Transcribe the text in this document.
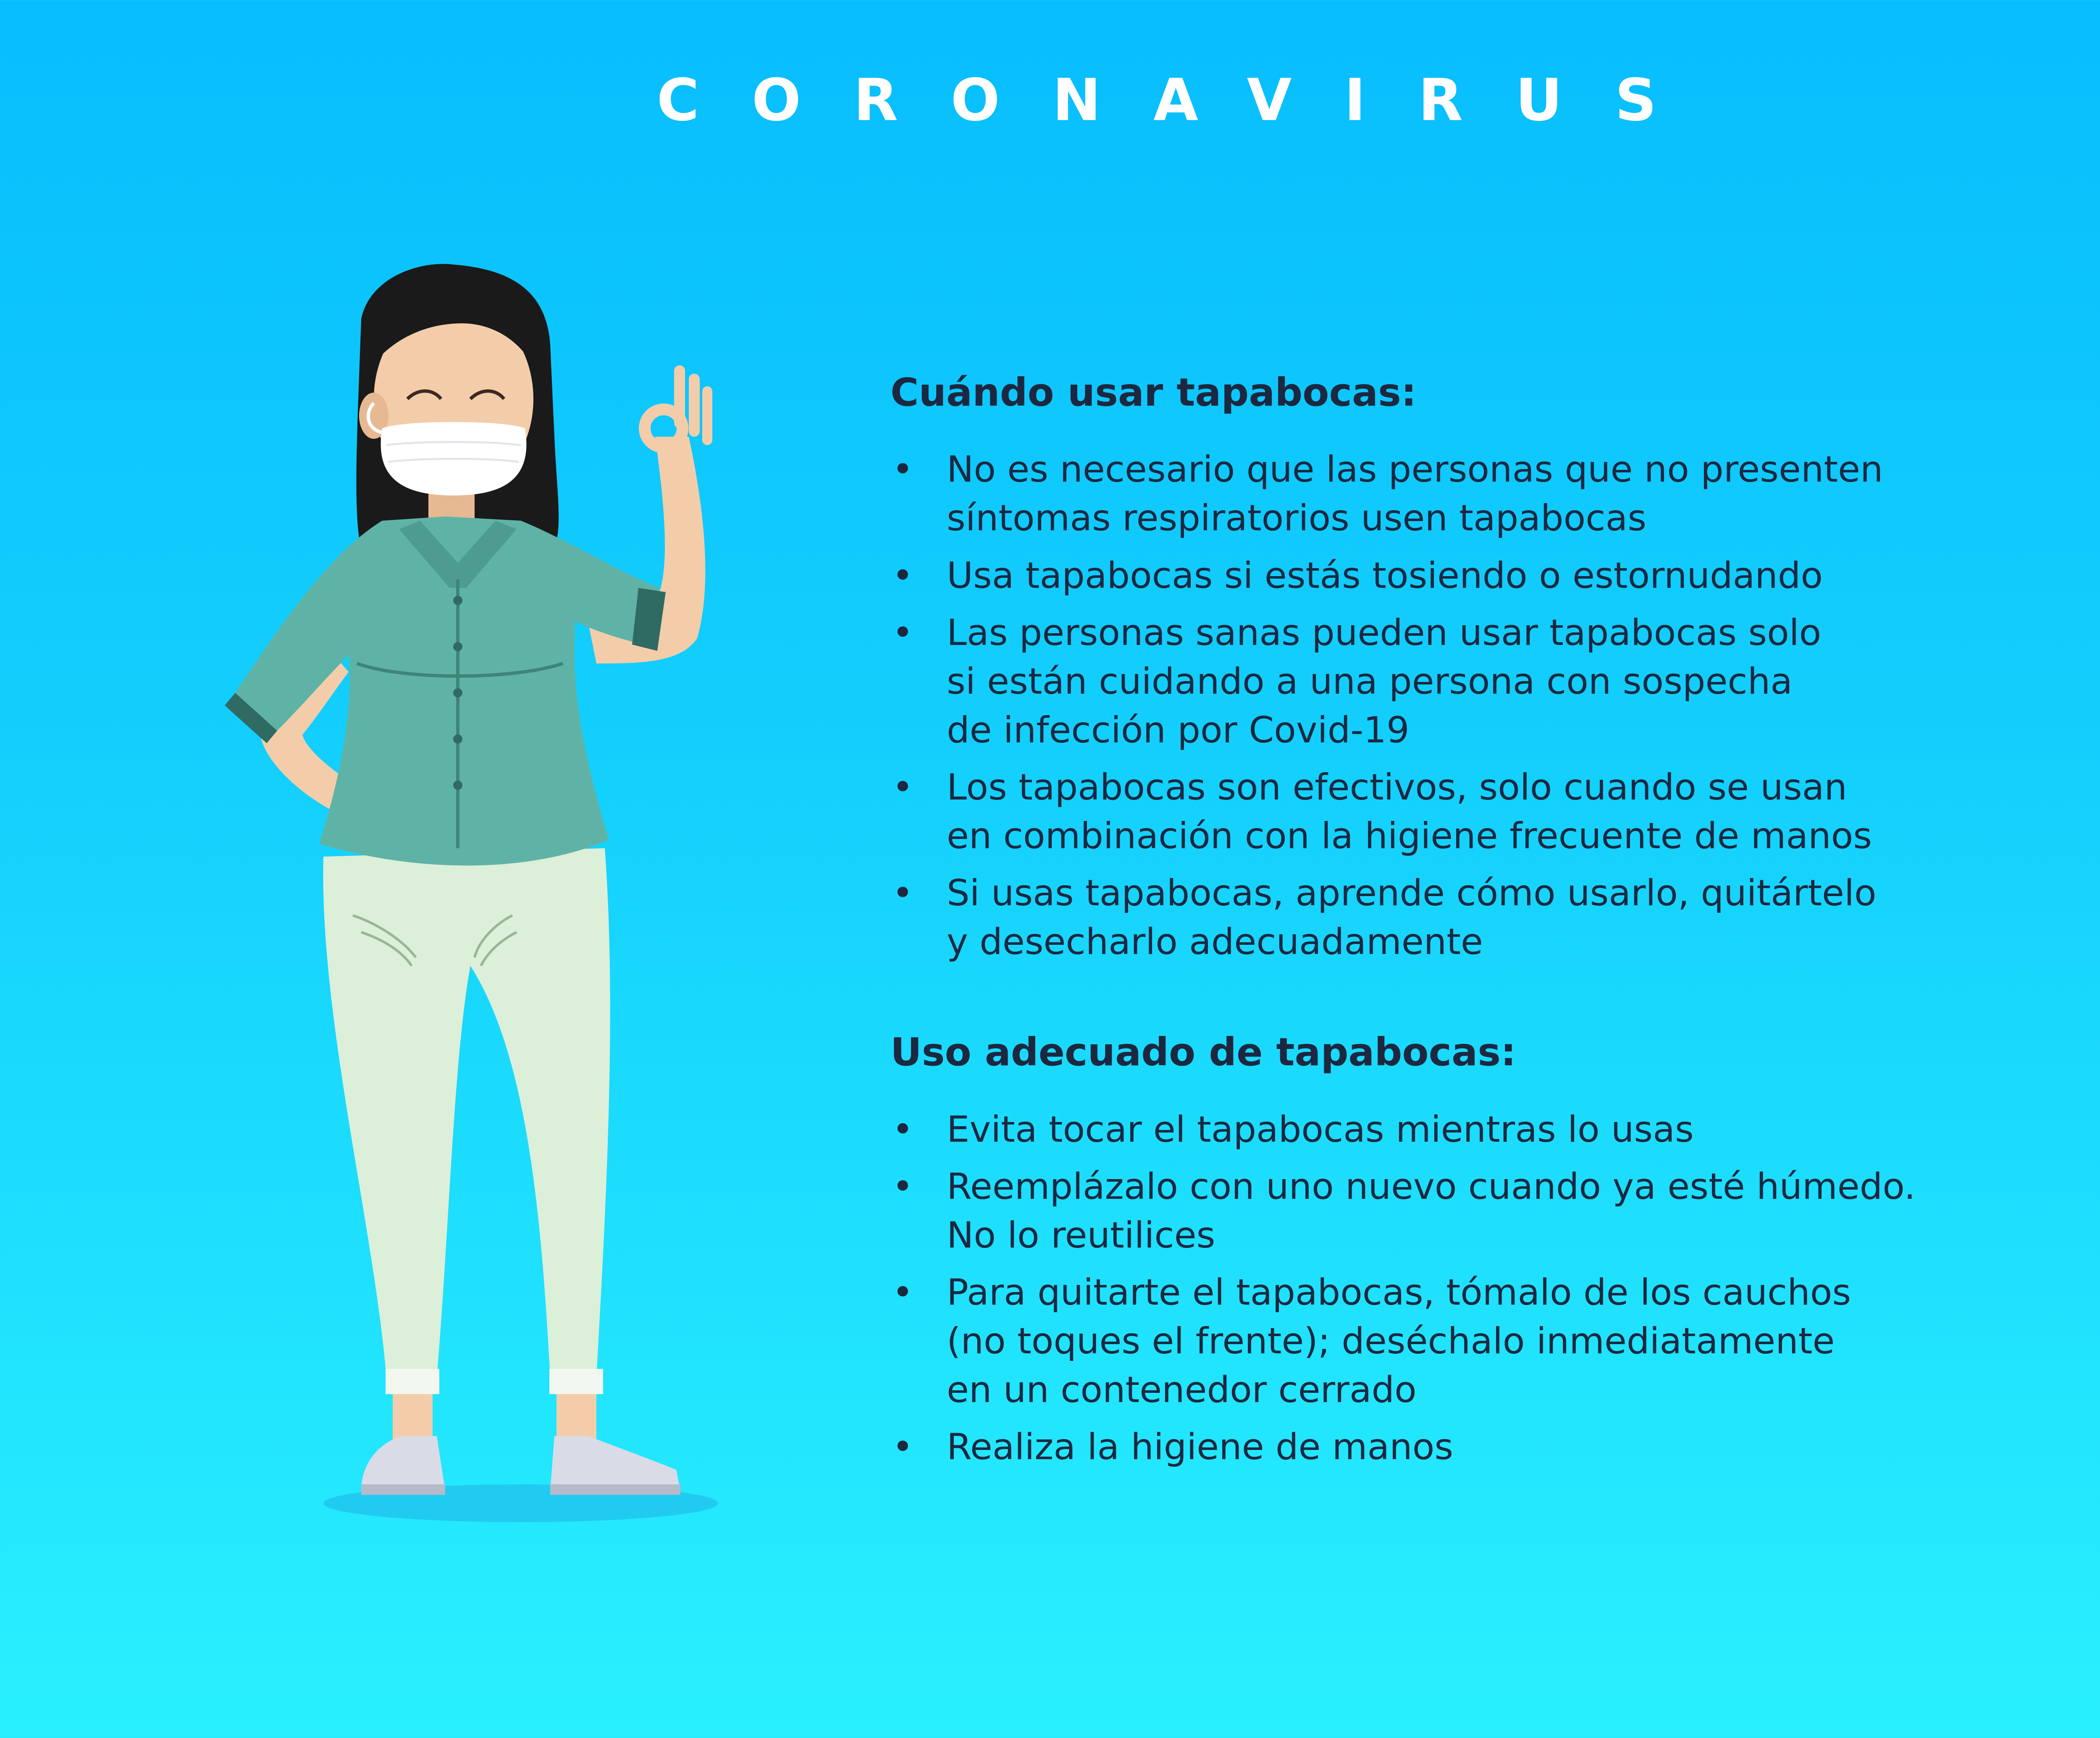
CORONAVIRUS
Cuándo usar tapabocas:
• No es necesario que las personas que no presenten
síntomas respiratorios usen tapabocas
• Usa tapabocas si estás tosiendo o estornudando
• Las personas sanas pueden usar tapabocas solo
si están cuidando a una persona con sospecha
de infección por Covid-19
• Los tapabocas son efectivos, solo cuando se usan
en combinación con la higiene frecuente de manos
• Si usas tapabocas, aprende cómo usarlo, quitártelo
y desecharlo adecuadamente
Uso adecuado de tapabocas:
• Evita tocar el tapabocas mientras lo usas
• Reemplázalo con uno nuevo cuando ya esté húmedo.
No lo reutilices
• Para quitarte el tapabocas, tómalo de los cauchos
(no toques el frente); deséchalo inmediatamente
en un contenedor cerrado
• Realiza la higiene de manos
